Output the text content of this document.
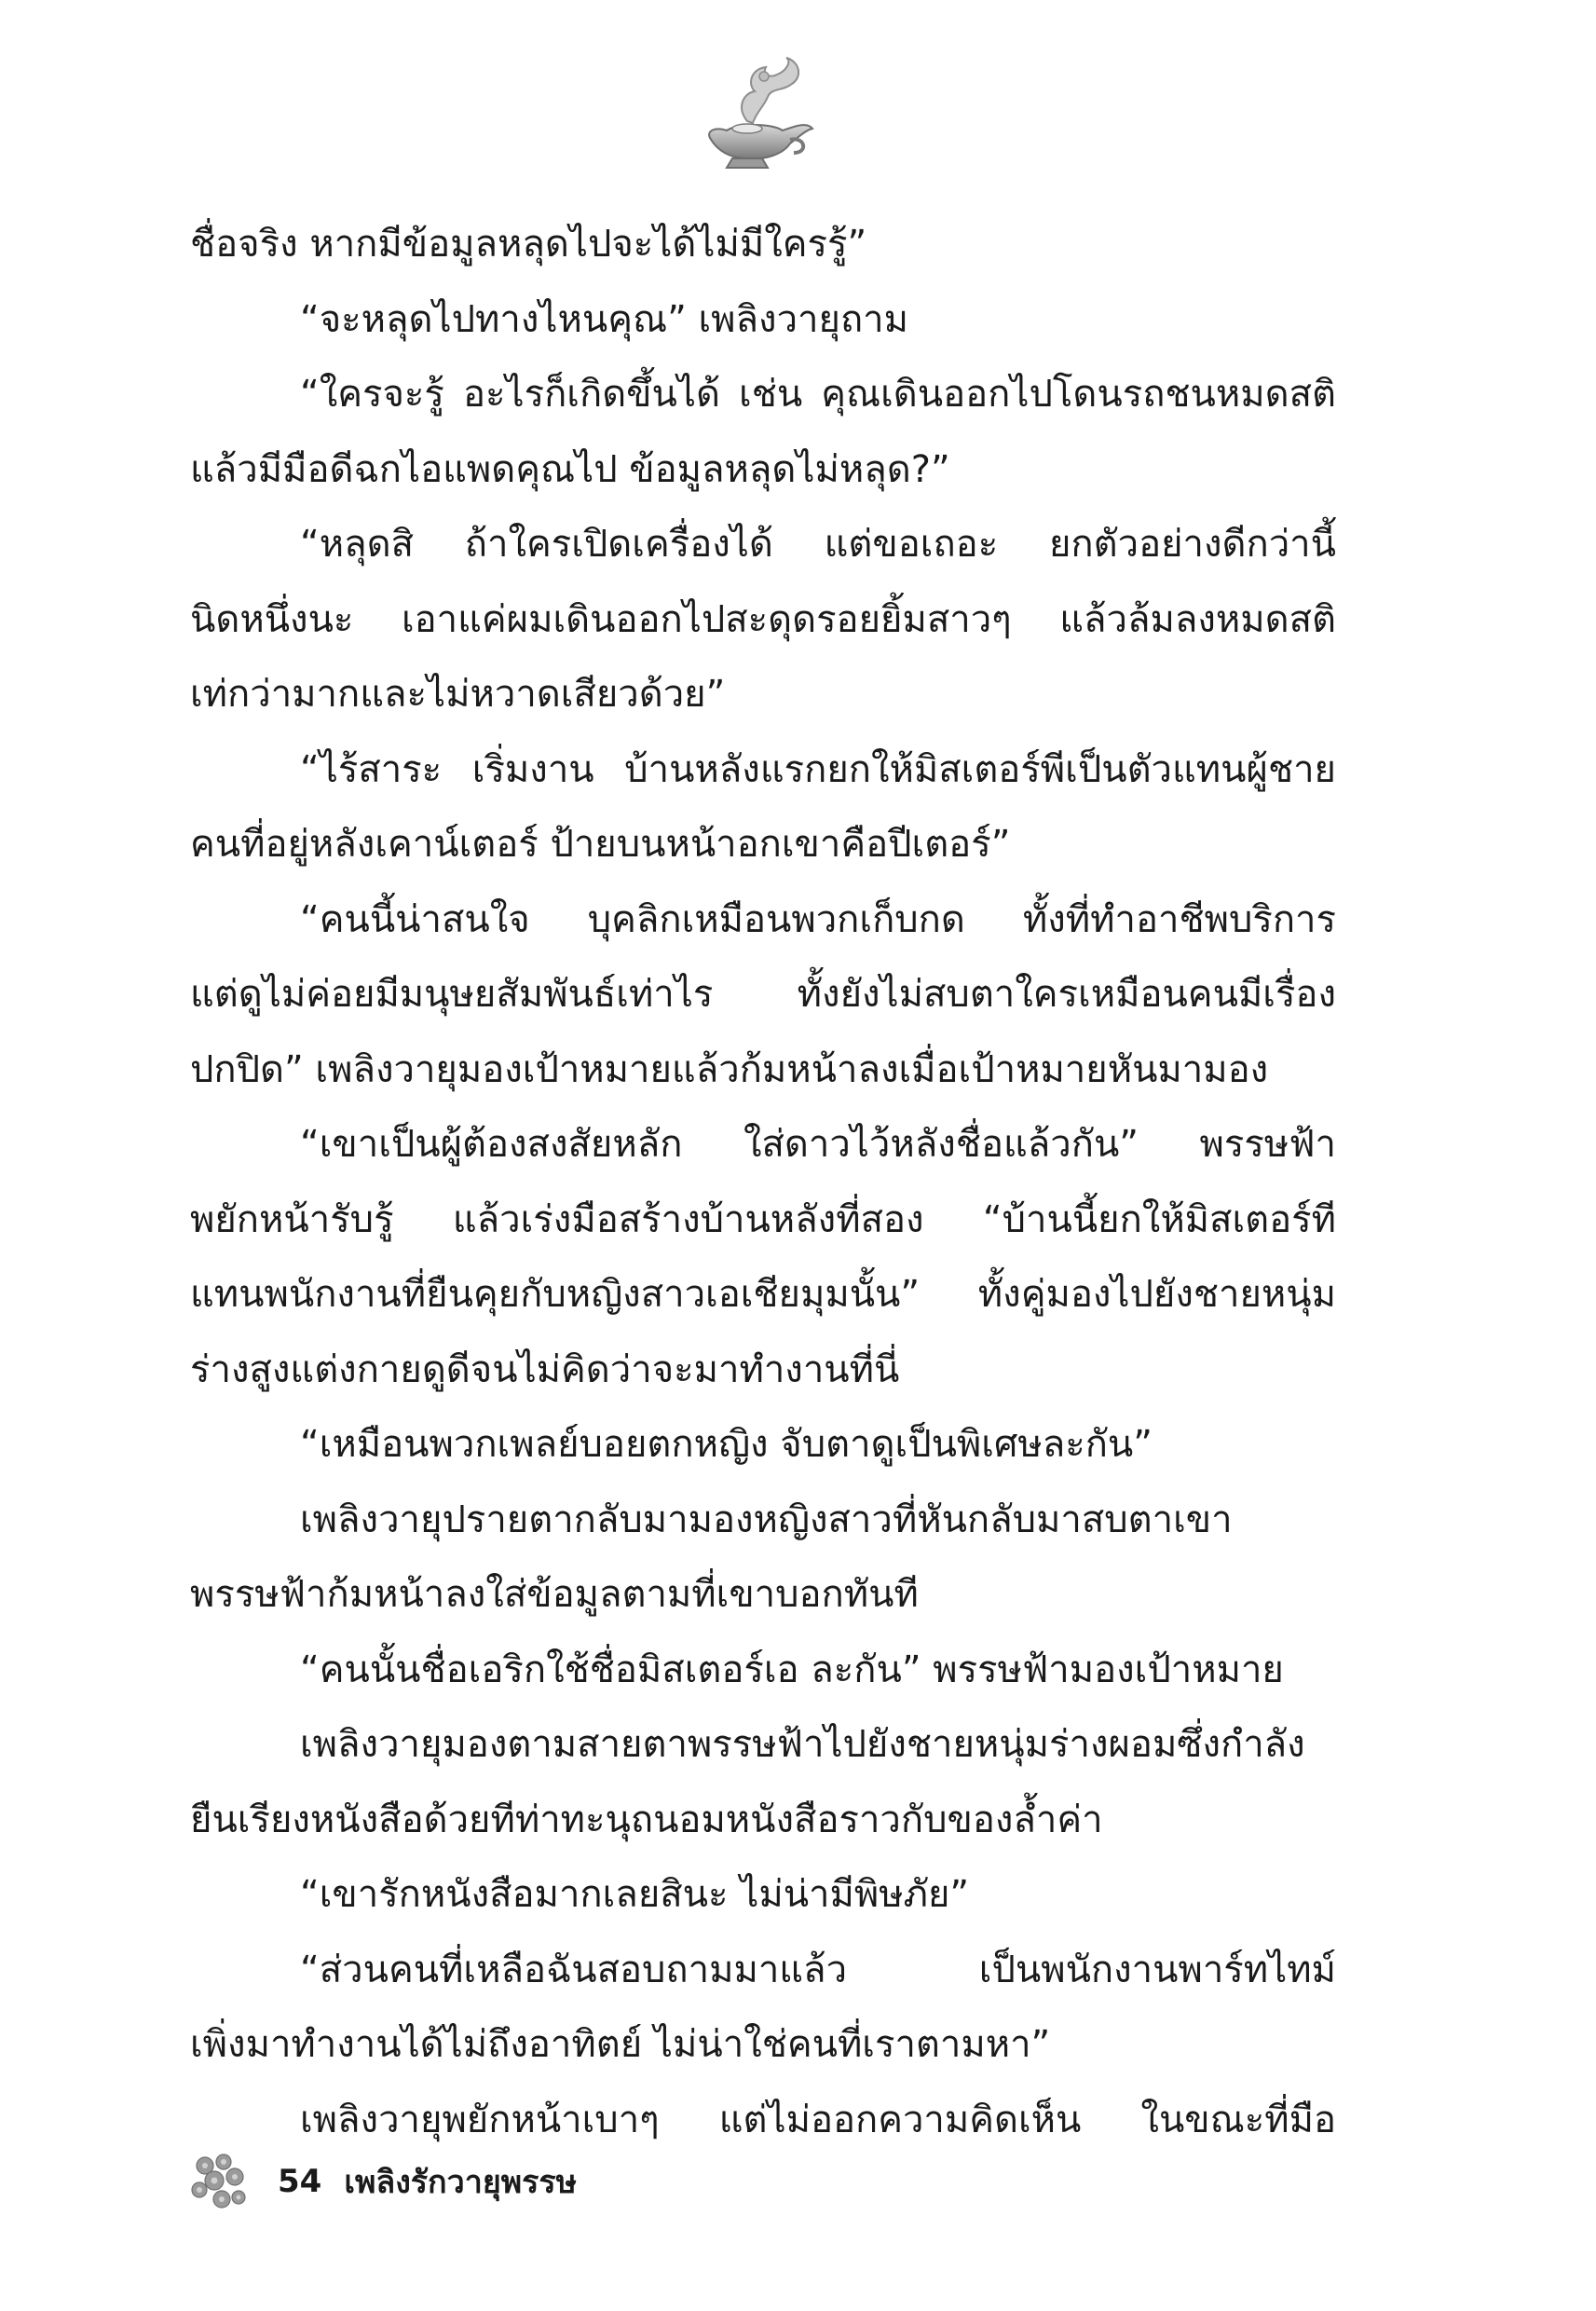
ชื่อจริง หากมีข้อมูลหลุดไปจะได้ไม่มีใครรู้”
“จะหลุดไปทางไหนคุณ” เพลิงวายุถาม
“ใครจะรู้ อะไรก็เกิดขึ้นได้ เช่น คุณเดินออกไปโดนรถชนหมดสติ
แล้วมีมือดีฉกไอแพดคุณไป ข้อมูลหลุดไม่หลุด?”
“หลุดสิ ถ้าใครเปิดเครื่องได้ แต่ขอเถอะ ยกตัวอย่างดีกว่านี้
นิดหนึ่งนะ เอาแค่ผมเดินออกไปสะดุดรอยยิ้มสาวๆ แล้วล้มลงหมดสติ
เท่กว่ามากและไม่หวาดเสียวด้วย”
“ไร้สาระ เริ่มงาน บ้านหลังแรกยกให้มิสเตอร์พีเป็นตัวแทนผู้ชาย
คนที่อยู่หลังเคาน์เตอร์ ป้ายบนหน้าอกเขาคือปีเตอร์”
“คนนี้น่าสนใจ บุคลิกเหมือนพวกเก็บกด ทั้งที่ทำอาชีพบริการ
แต่ดูไม่ค่อยมีมนุษยสัมพันธ์เท่าไร ทั้งยังไม่สบตาใครเหมือนคนมีเรื่อง
ปกปิด” เพลิงวายุมองเป้าหมายแล้วก้มหน้าลงเมื่อเป้าหมายหันมามอง
“เขาเป็นผู้ต้องสงสัยหลัก ใส่ดาวไว้หลังชื่อแล้วกัน” พรรษฟ้า
พยักหน้ารับรู้ แล้วเร่งมือสร้างบ้านหลังที่สอง “บ้านนี้ยกให้มิสเตอร์ที
แทนพนักงานที่ยืนคุยกับหญิงสาวเอเชียมุมนั้น” ทั้งคู่มองไปยังชายหนุ่ม
ร่างสูงแต่งกายดูดีจนไม่คิดว่าจะมาทำงานที่นี่
“เหมือนพวกเพลย์บอยตกหญิง จับตาดูเป็นพิเศษละกัน”
เพลิงวายุปรายตากลับมามองหญิงสาวที่หันกลับมาสบตาเขา
พรรษฟ้าก้มหน้าลงใส่ข้อมูลตามที่เขาบอกทันที
“คนนั้นชื่อเอริกใช้ชื่อมิสเตอร์เอ ละกัน” พรรษฟ้ามองเป้าหมาย
เพลิงวายุมองตามสายตาพรรษฟ้าไปยังชายหนุ่มร่างผอมซึ่งกำลัง
ยืนเรียงหนังสือด้วยทีท่าทะนุถนอมหนังสือราวกับของล้ำค่า
“เขารักหนังสือมากเลยสินะ ไม่น่ามีพิษภัย”
“ส่วนคนที่เหลือฉันสอบถามมาแล้ว เป็นพนักงานพาร์ทไทม์
เพิ่งมาทำงานได้ไม่ถึงอาทิตย์ ไม่น่าใช่คนที่เราตามหา”
เพลิงวายุพยักหน้าเบาๆ แต่ไม่ออกความคิดเห็น ในขณะที่มือ
54 เพลิงรักวายุพรรษ
